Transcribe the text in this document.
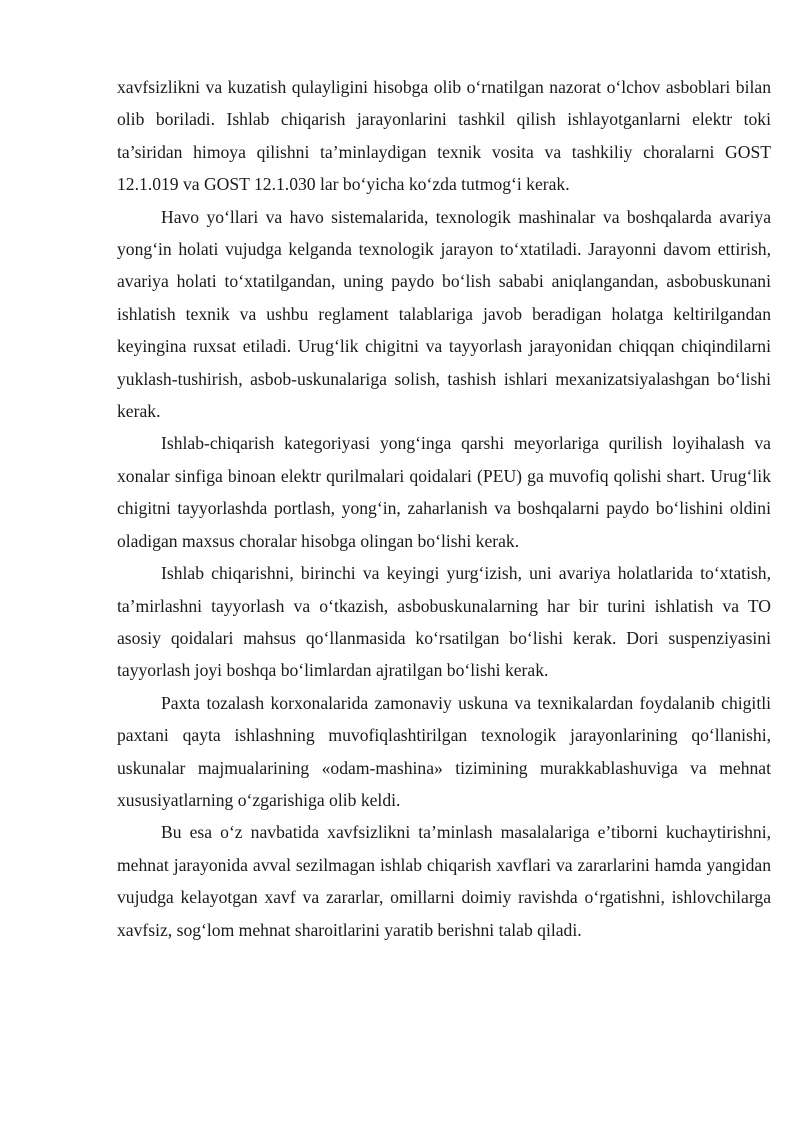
xavfsizlikni va kuzatish qulayligini hisobga olib o‘rnatilgan nazorat o‘lchov asboblari bilan olib boriladi. Ishlab chiqarish jarayonlarini tashkil qilish ishlayotganlarni elektr toki ta’siridan himoya qilishni ta’minlaydigan texnik vosita va tashkiliy choralarni GOST 12.1.019 va GOST 12.1.030 lar bo‘yicha ko‘zda tutmog‘i kerak.

Havo yo‘llari va havo sistemalarida, texnologik mashinalar va boshqalarda avariya yong‘in holati vujudga kelganda texnologik jarayon to‘xtatiladi. Jarayonni davom ettirish, avariya holati to‘xtatilgandan, uning paydo bo‘lish sababi aniqlangandan, asbobuskunani ishlatish texnik va ushbu reglament talablariga javob beradigan holatga keltirilgandan keyingina ruxsat etiladi. Urug‘lik chigitni va tayyorlash jarayonidan chiqqan chiqindilarni yuklash-tushirish, asbob-uskunalariga solish, tashish ishlari mexanizatsiyalashgan bo‘lishi kerak.

Ishlab-chiqarish kategoriyasi yong‘inga qarshi meyorlariga qurilish loyihalash va xonalar sinfiga binoan elektr qurilmalari qoidalari (PEU) ga muvofiq qolishi shart. Urug‘lik chigitni tayyorlashda portlash, yong‘in, zaharlanish va boshqalarni paydo bo‘lishini oldini oladigan maxsus choralar hisobga olingan bo‘lishi kerak.

Ishlab chiqarishni, birinchi va keyingi yurg‘izish, uni avariya holatlarida to‘xtatish, ta’mirlashni tayyorlash va o‘tkazish, asbobuskunalarning har bir turini ishlatish va TO asosiy qoidalari mahsus qo‘llanmasida ko‘rsatilgan bo‘lishi kerak. Dori suspenziyasini tayyorlash joyi boshqa bo‘limlardan ajratilgan bo‘lishi kerak.

Paxta tozalash korxonalarida zamonaviy uskuna va texnikalardan foydalanib chigitli paxtani qayta ishlashning muvofiqlashtirilgan texnologik jarayonlarining qo‘llanishi, uskunalar majmualarining «odam-mashina» tizimining murakkablashuviga va mehnat xususiyatlarning o‘zgarishiga olib keldi.

Bu esa o‘z navbatida xavfsizlikni ta’minlash masalalariga e’tiborni kuchaytirishni, mehnat jarayonida avval sezilmagan ishlab chiqarish xavflari va zararlarini hamda yangidan vujudga kelayotgan xavf va zararlar, omillarni doimiy ravishda o‘rgatishni, ishlovchilarga xavfsiz, sog‘lom mehnat sharoitlarini yaratib berishni talab qiladi.
